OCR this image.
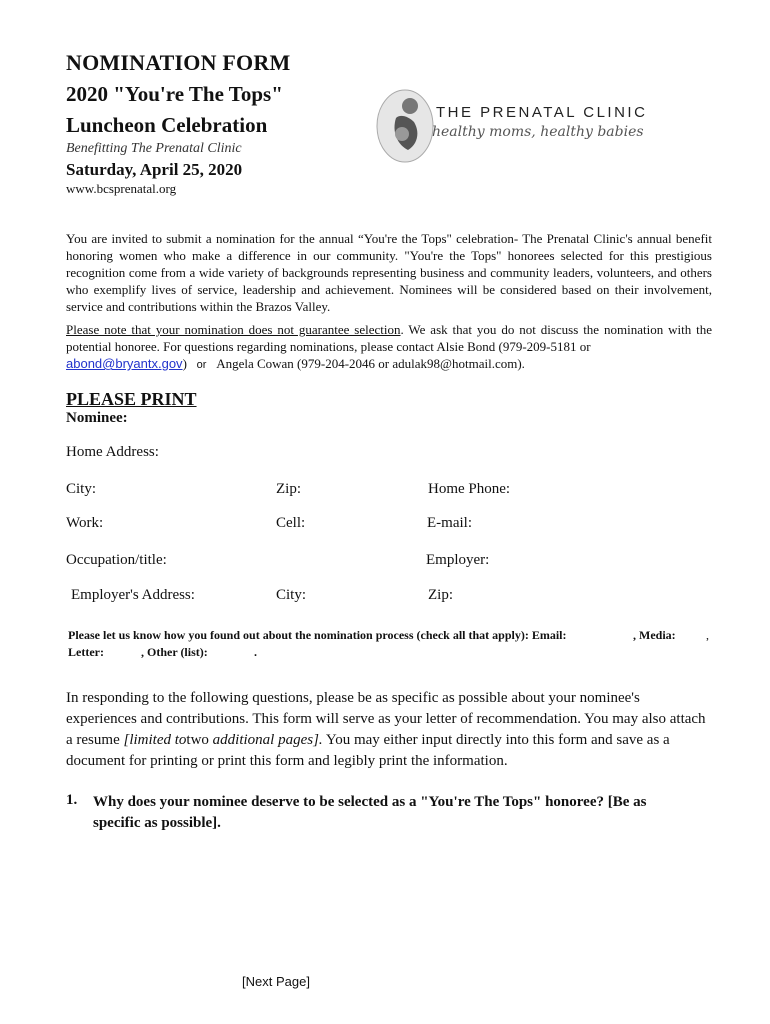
NOMINATION FORM
2020 "You're The Tops"
Luncheon Celebration
Benefitting The Prenatal Clinic
Saturday, April 25, 2020
www.bcsprenatal.org
THE PRENATAL CLINIC
healthy moms, healthy babies

You are invited to submit a nomination for the annual “You're the Tops" celebration- The Prenatal Clinic's annual benefit honoring women who make a difference in our community. "You're the Tops" honorees selected for this prestigious recognition come from a wide variety of backgrounds representing business and community leaders, volunteers, and others who exemplify lives of service, leadership and achievement. Nominees will be considered based on their involvement, service and contributions within the Brazos Valley.

Please note that your nomination does not guarantee selection. We ask that you do not discuss the nomination with the potential honoree. For questions regarding nominations, please contact Alsie Bond (979-209-5181 or
abond@bryantx.gov) or Angela Cowan (979-204-2046 or adulak98@hotmail.com).

PLEASE PRINT
Nominee:
Home Address:
City:	Zip:	Home Phone:
Work:	Cell:	E-mail:
Occupation/title:	Employer:
Employer's Address:	City:	Zip:
Please let us know how you found out about the nomination process (check all that apply): Email:	, Media:	,
Letter:	, Other (list):	.

In responding to the following questions, please be as specific as possible about your nominee's experiences and contributions. This form will serve as your letter of recommendation. You may also attach a resume [limited totwo additional pages]. You may either input directly into this form and save as a document for printing or print this form and legibly print the information.

1. Why does your nominee deserve to be selected as a "You're The Tops" honoree? [Be as specific as possible].
[Next Page]
